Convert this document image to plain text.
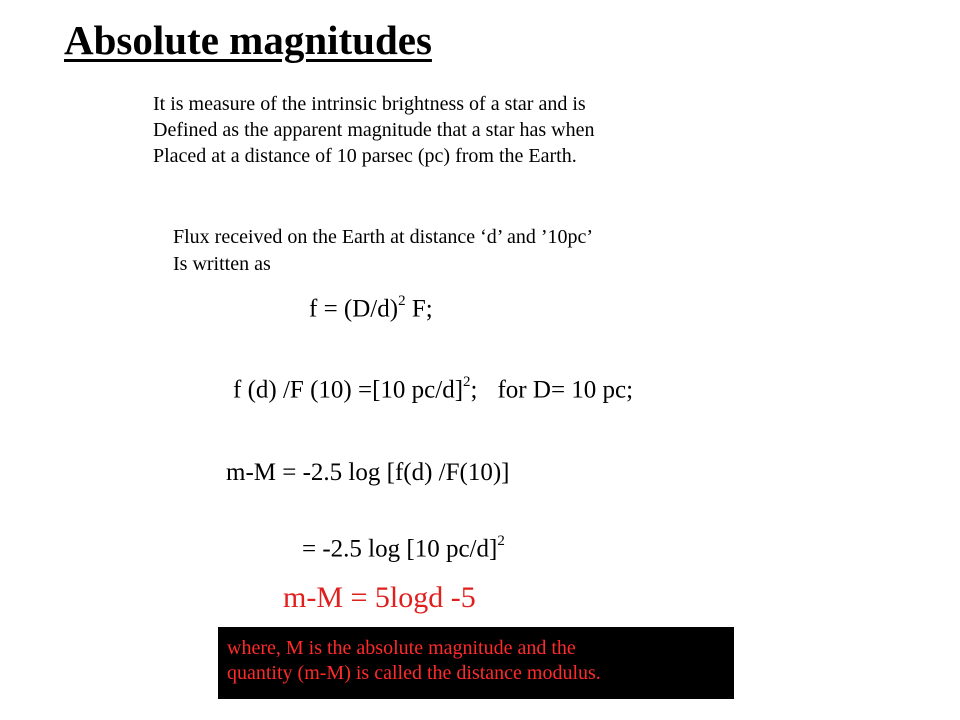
Absolute magnitudes
It is measure of the intrinsic brightness of a star and is
Defined as the apparent magnitude that a star has when
Placed at a distance of 10 parsec (pc) from the Earth.
Flux received on the Earth at distance ‘d’ and ’10pc’
Is written as
$f = (D/d)^2$ F;
f (d) /F (10) =[10 pc/d]$^2$; for D= 10 pc;
m-M = -2.5 log [f(d) /F(10)]
= -2.5 log [10 pc/d]$^2$
m-M = 5logd -5
where, M is the absolute magnitude and the
quantity (m-M) is called the distance modulus.
